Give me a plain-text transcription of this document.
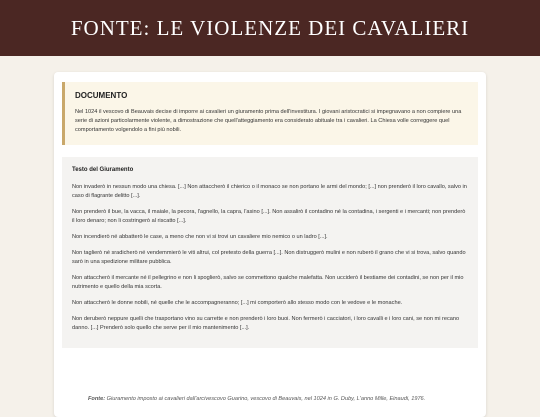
FONTE: LE VIOLENZE DEI CAVALIERI

DOCUMENTO

Nel 1024 il vescovo di Beauvais decise di imporre ai cavalieri un giuramento prima dell'investitura. I giovani aristocratici si impegnavano a non compiere una serie di azioni particolarmente violente, a dimostrazione che quell'atteggiamento era considerato abituale tra i cavalieri. La Chiesa volle correggere quel comportamento volgendolo a fini più nobili.

Testo del Giuramento

Non invaderò in nessun modo una chiesa. [...] Non attaccherò il chierico o il monaco se non portano le armi del mondo; [...] non prenderò il loro cavallo, salvo in caso di flagrante delitto [...].

Non prenderò il bue, la vacca, il maiale, la pecora, l'agnello, la capra, l'asino [...]. Non assalirò il contadino né la contadina, i sergenti e i mercanti; non prenderò il loro denaro; non li costringerò al riscatto [...].

Non incendierò né abbatterò le case, a meno che non vi si trovi un cavaliere mio nemico o un ladro [...].

Non taglierò né sradicherò né vendemmierò le viti altrui, col pretesto della guerra [...]. Non distruggerò mulini e non ruberò il grano che vi si trova, salvo quando sarò in una spedizione militare pubblica.

Non attaccherò il mercante né il pellegrino e non li spoglierò, salvo se commettono qualche malefatta. Non ucciderò il bestiame dei contadini, se non per il mio nutrimento e quello della mia scorta.

Non attaccherò le donne nobili, né quelle che le accompagneranno; [...] mi comporterò allo stesso modo con le vedove e le monache.

Non deruberò neppure quelli che trasportano vino su carrette e non prenderò i loro buoi. Non fermerò i cacciatori, i loro cavalli e i loro cani, se non mi recano danno. [...] Prenderò solo quello che serve per il mio mantenimento [...].

Fonte: Giuramento imposto ai cavalieri dall'arcivescovo Guarino, vescovo di Beauvais, nel 1024 in G. Duby, L'anno Mille, Einaudi, 1976.
